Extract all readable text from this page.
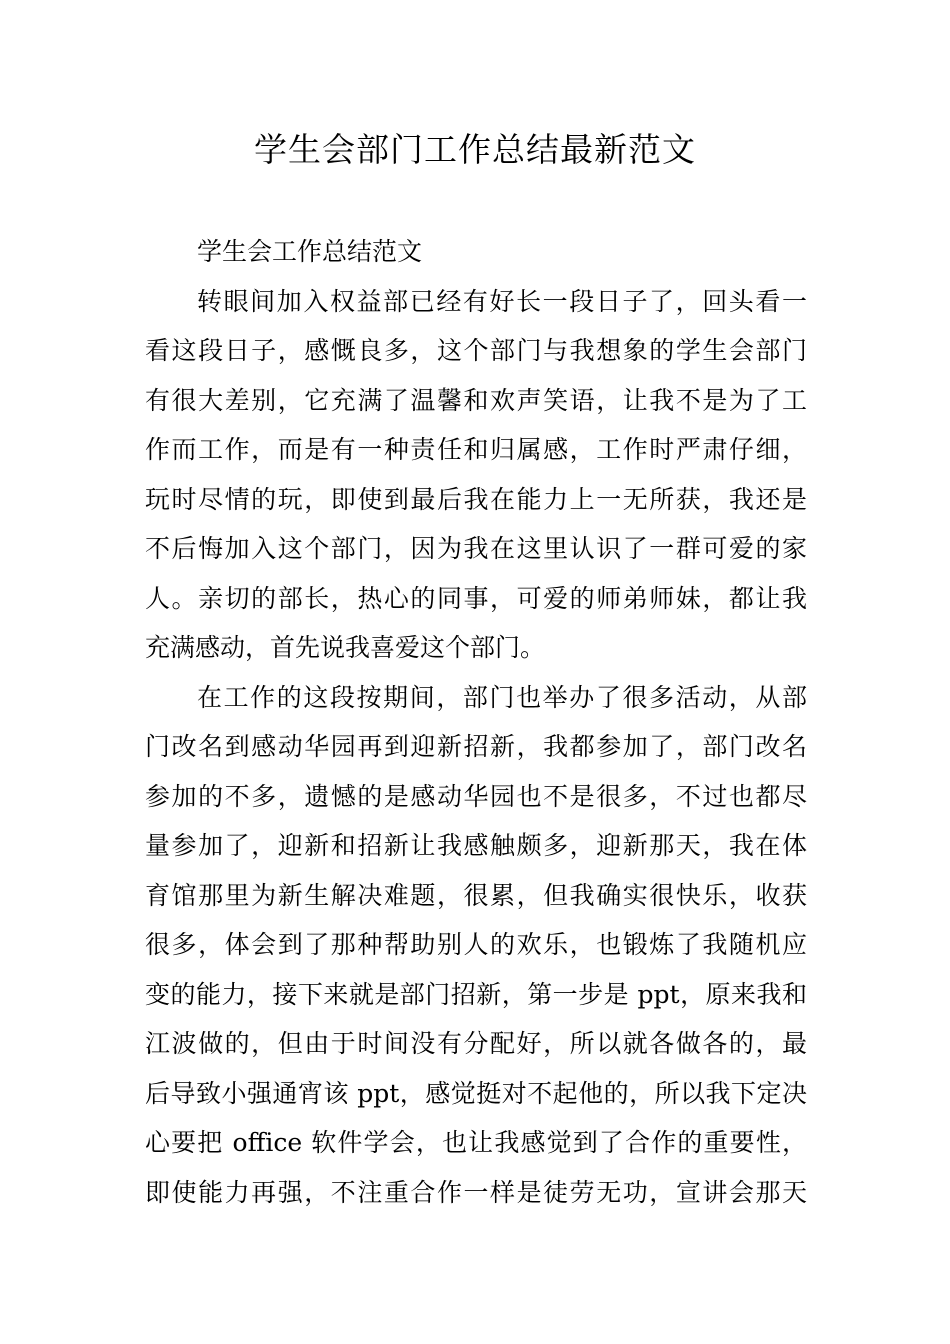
学生会部门工作总结最新范文
学生会工作总结范文
转眼间加入权益部已经有好长一段日子了，回头看一
看这段日子，感慨良多，这个部门与我想象的学生会部门
有很大差别，它充满了温馨和欢声笑语，让我不是为了工
作而工作，而是有一种责任和归属感，工作时严肃仔细，
玩时尽情的玩，即使到最后我在能力上一无所获，我还是
不后悔加入这个部门，因为我在这里认识了一群可爱的家
人。亲切的部长，热心的同事，可爱的师弟师妹，都让我
充满感动，首先说我喜爱这个部门。
在工作的这段按期间，部门也举办了很多活动，从部
门改名到感动华园再到迎新招新，我都参加了，部门改名
参加的不多，遗憾的是感动华园也不是很多，不过也都尽
量参加了，迎新和招新让我感触颇多，迎新那天，我在体
育馆那里为新生解决难题，很累，但我确实很快乐，收获
很多，体会到了那种帮助别人的欢乐，也锻炼了我随机应
变的能力，接下来就是部门招新，第一步是 ppt，原来我和
江波做的，但由于时间没有分配好，所以就各做各的，最
后导致小强通宵该 ppt，感觉挺对不起他的，所以我下定决
心要把 office 软件学会，也让我感觉到了合作的重要性，
即使能力再强，不注重合作一样是徒劳无功，宣讲会那天
